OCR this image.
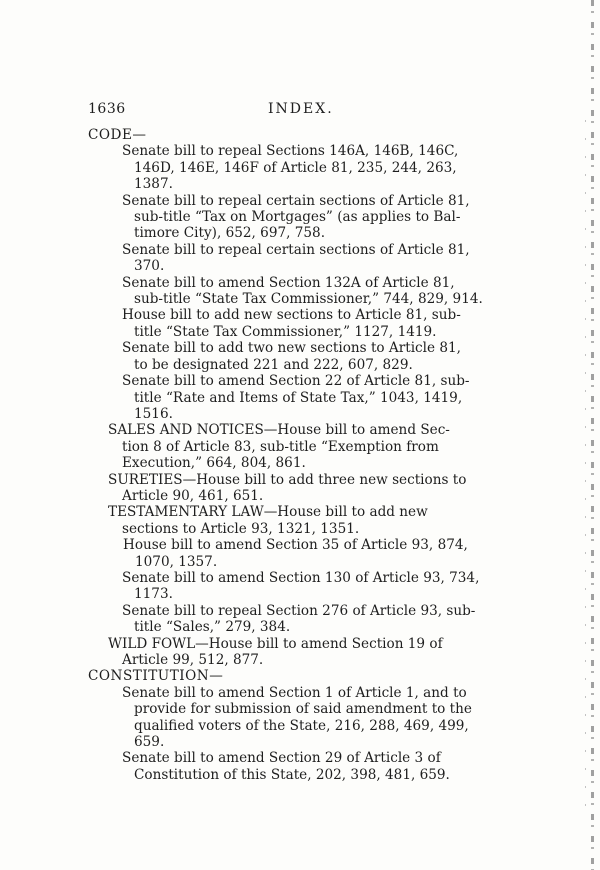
1636	INDEX.
CODE—
Senate bill to repeal Sections 146A, 146B, 146C,
146D, 146E, 146F of Article 81, 235, 244, 263,
1387.
Senate bill to repeal certain sections of Article 81,
sub-title “Tax on Mortgages” (as applies to Bal-
timore City), 652, 697, 758.
Senate bill to repeal certain sections of Article 81,
370.
Senate bill to amend Section 132A of Article 81,
sub-title “State Tax Commissioner,” 744, 829, 914.
House bill to add new sections to Article 81, sub-
title “State Tax Commissioner,” 1127, 1419.
Senate bill to add two new sections to Article 81,
to be designated 221 and 222, 607, 829.
Senate bill to amend Section 22 of Article 81, sub-
title “Rate and Items of State Tax,” 1043, 1419,
1516.
SALES AND NOTICES—House bill to amend Sec-
tion 8 of Article 83, sub-title “Exemption from
Execution,” 664, 804, 861.
SURETIES—House bill to add three new sections to
Article 90, 461, 651.
TESTAMENTARY LAW—House bill to add new
sections to Article 93, 1321, 1351.
House bill to amend Section 35 of Article 93, 874,
1070, 1357.
Senate bill to amend Section 130 of Article 93, 734,
1173.
Senate bill to repeal Section 276 of Article 93, sub-
title “Sales,” 279, 384.
WILD FOWL—House bill to amend Section 19 of
Article 99, 512, 877.
CONSTITUTION—
Senate bill to amend Section 1 of Article 1, and to
provide for submission of said amendment to the
qualified voters of the State, 216, 288, 469, 499,
659.
Senate bill to amend Section 29 of Article 3 of
Constitution of this State, 202, 398, 481, 659.
